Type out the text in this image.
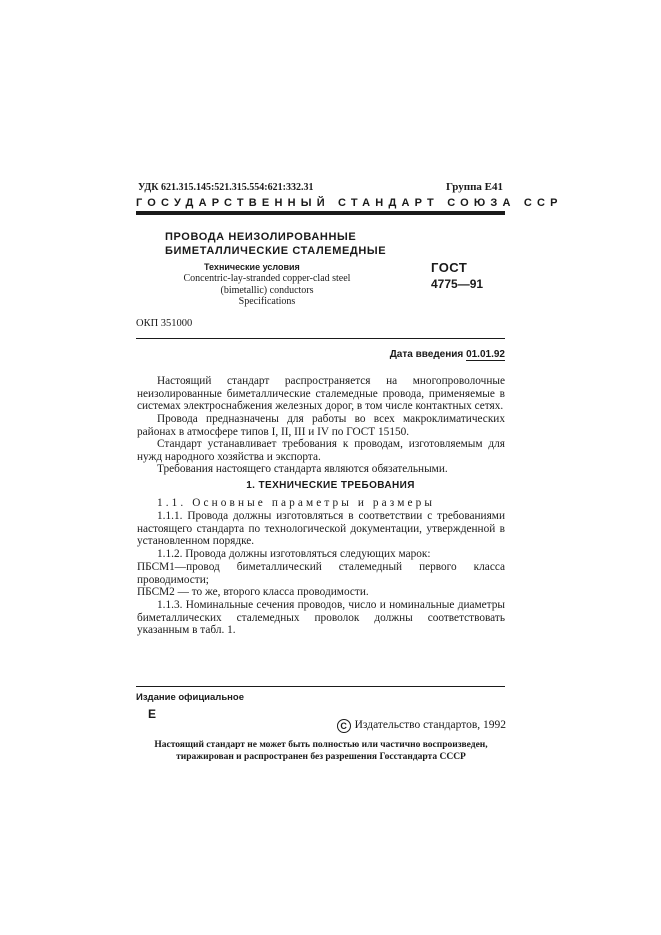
УДК 621.315.145:521.315.554:621:332.31	Группа Е41
ГОСУДАРСТВЕННЫЙ СТАНДАРТ СОЮЗА ССР
ПРОВОДА НЕИЗОЛИРОВАННЫЕ
БИМЕТАЛЛИЧЕСКИЕ СТАЛЕМЕДНЫЕ
Технические условия
Concentric-lay-stranded copper-clad steel
(bimetallic) conductors
Specifications
ГОСТ
4775—91
ОКП 351000
Дата введения 01.01.92
Настоящий стандарт распространяется на многопроволочные неизолированные биметаллические сталемедные провода, применяемые в системах электроснабжения железных дорог, в том числе контактных сетях.
Провода предназначены для работы во всех макроклиматических районах в атмосфере типов I, II, III и IV по ГОСТ 15150.
Стандарт устанавливает требования к проводам, изготовляемым для нужд народного хозяйства и экспорта.
Требования настоящего стандарта являются обязательными.
1. ТЕХНИЧЕСКИЕ ТРЕБОВАНИЯ
1.1. Основные параметры и размеры
1.1.1. Провода должны изготовляться в соответствии с требованиями настоящего стандарта по технологической документации, утвержденной в установленном порядке.
1.1.2. Провода должны изготовляться следующих марок:
ПБСМ1—провод биметаллический сталемедный первого класса проводимости;
ПБСМ2 — то же, второго класса проводимости.
1.1.3. Номинальные сечения проводов, число и номинальные диаметры биметаллических сталемедных проволок должны соответствовать указанным в табл. 1.
Издание официальное
Е
C Издательство стандартов, 1992
Настоящий стандарт не может быть полностью или частично воспроизведен,
тиражирован и распространен без разрешения Госстандарта СССР
